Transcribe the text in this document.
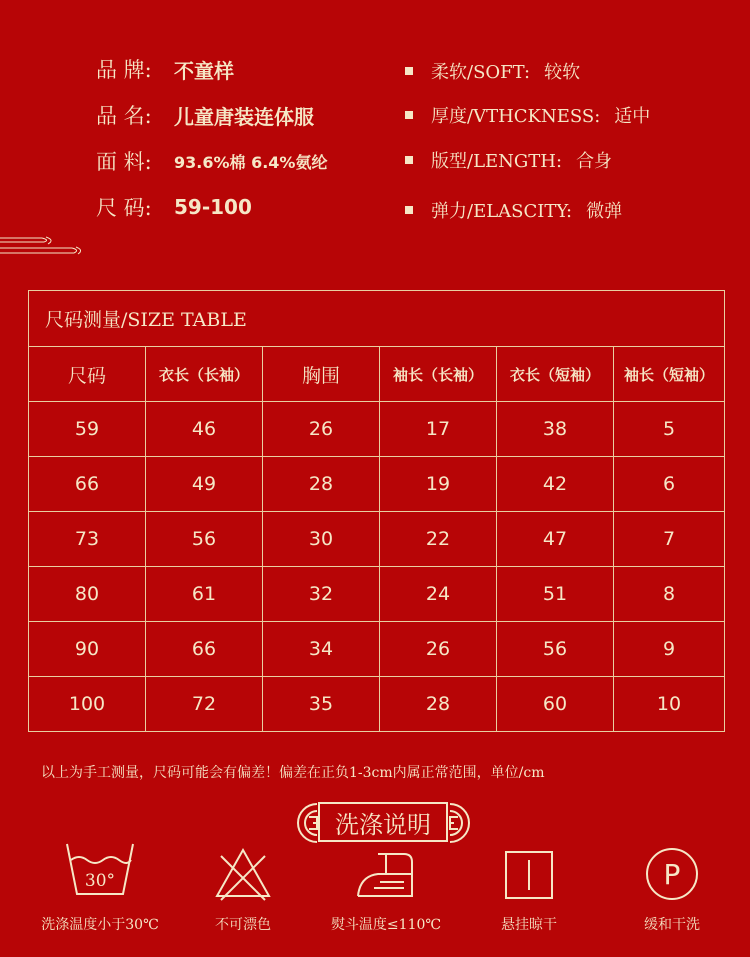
品 牌:	不童样
品 名:	儿童唐装连体服
面 料:	93.6%棉 6.4%氨纶
尺 码:	59-100
柔软/SOFT: 较软
厚度/VTHCKNESS: 适中
版型/LENGTH: 合身
弹力/ELASCITY: 微弹
尺码测量/SIZE TABLE					
尺码	衣长（长袖）	胸围	袖长（长袖）	衣长（短袖）	袖长（短袖）
59	46	26	17	38	5
66	49	28	19	42	6
73	56	30	22	47	7
80	61	32	24	51	8
90	66	34	26	56	9
100	72	35	28	60	10
以上为手工测量，尺码可能会有偏差！偏差在正负1-3cm内属正常范围，单位/cm
洗涤说明
30°
洗涤温度小于30℃	不可漂色	熨斗温度≤110℃	悬挂晾干
P
缓和干洗
